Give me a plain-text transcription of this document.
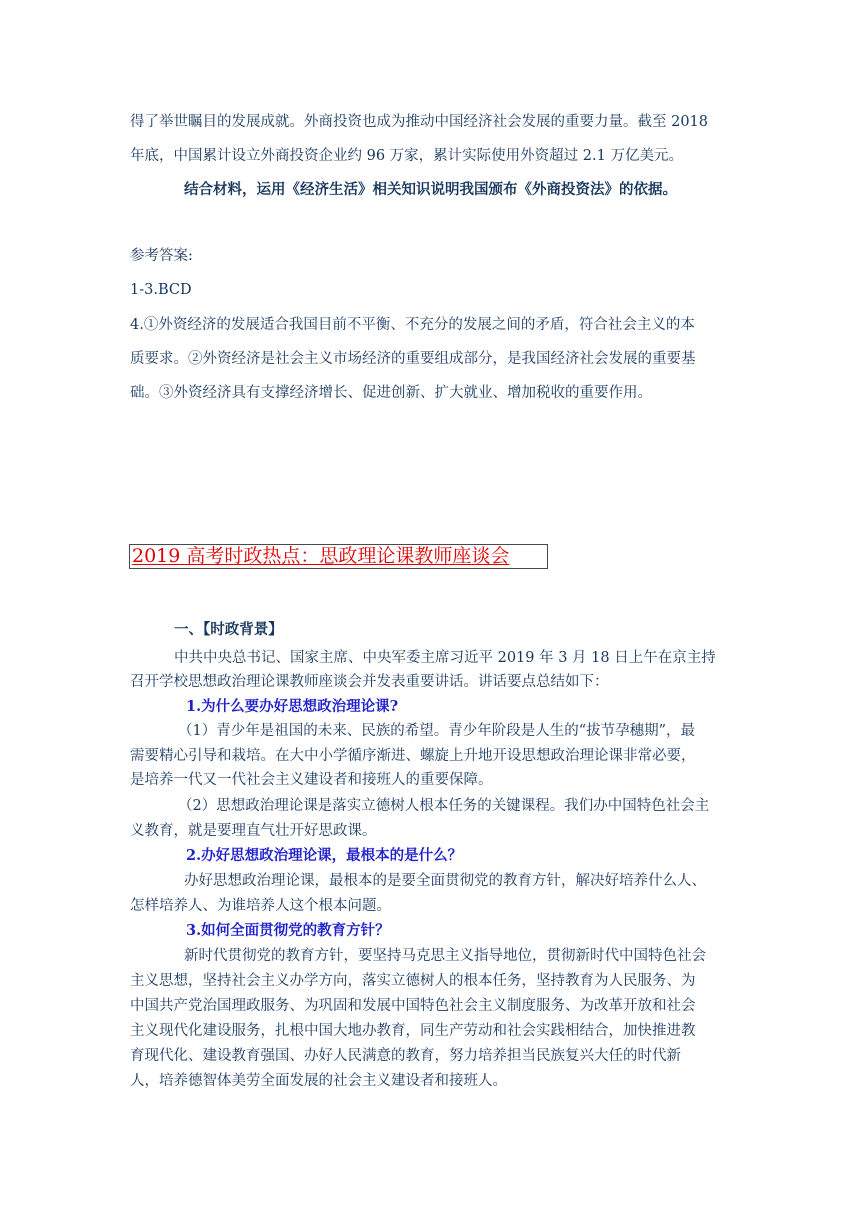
得了举世瞩目的发展成就。外商投资也成为推动中国经济社会发展的重要力量。截至 2018
年底，中国累计设立外商投资企业约 96 万家，累计实际使用外资超过 2.1 万亿美元。
结合材料，运用《经济生活》相关知识说明我国颁布《外商投资法》的依据。
参考答案:
1-3.BCD
4.①外资经济的发展适合我国目前不平衡、不充分的发展之间的矛盾，符合社会主义的本
质要求。②外资经济是社会主义市场经济的重要组成部分，是我国经济社会发展的重要基
础。③外资经济具有支撑经济增长、促进创新、扩大就业、增加税收的重要作用。
2019 高考时政热点：思政理论课教师座谈会
一、【时政背景】
中共中央总书记、国家主席、中央军委主席习近平 2019 年 3 月 18 日上午在京主持
召开学校思想政治理论课教师座谈会并发表重要讲话。讲话要点总结如下：
1.为什么要办好思想政治理论课?
（1）青少年是祖国的未来、民族的希望。青少年阶段是人生的“拔节孕穗期”，最
需要精心引导和栽培。在大中小学循序渐进、螺旋上升地开设思想政治理论课非常必要，
是培养一代又一代社会主义建设者和接班人的重要保障。
（2）思想政治理论课是落实立德树人根本任务的关键课程。我们办中国特色社会主
义教育，就是要理直气壮开好思政课。
2.办好思想政治理论课，最根本的是什么？
办好思想政治理论课，最根本的是要全面贯彻党的教育方针，解决好培养什么人、
怎样培养人、为谁培养人这个根本问题。
3.如何全面贯彻党的教育方针？
新时代贯彻党的教育方针，要坚持马克思主义指导地位，贯彻新时代中国特色社会
主义思想，坚持社会主义办学方向，落实立德树人的根本任务，坚持教育为人民服务、为
中国共产党治国理政服务、为巩固和发展中国特色社会主义制度服务、为改革开放和社会
主义现代化建设服务，扎根中国大地办教育，同生产劳动和社会实践相结合，加快推进教
育现代化、建设教育强国、办好人民满意的教育，努力培养担当民族复兴大任的时代新
人，培养德智体美劳全面发展的社会主义建设者和接班人。
